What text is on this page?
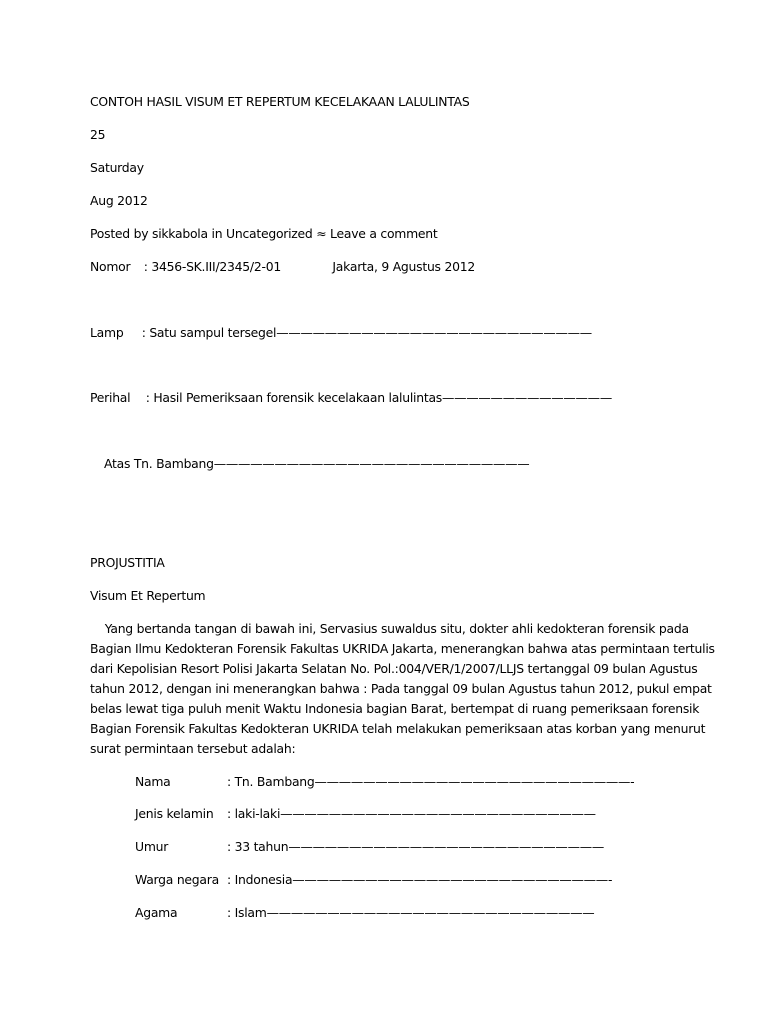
CONTOH HASIL VISUM ET REPERTUM KECELAKAAN LALULINTAS
25
Saturday
Aug 2012
Posted by sikkabola in Uncategorized ≈ Leave a comment
Nomor : 3456-SK.III/2345/2-01	Jakarta, 9 Agustus 2012
Lamp : Satu sampul tersegel——————————————————————————
Perihal : Hasil Pemeriksaan forensik kecelakaan lalulintas——————————————
Atas Tn. Bambang——————————————————————————
PROJUSTITIA
Visum Et Repertum
Yang bertanda tangan di bawah ini, Servasius suwaldus situ, dokter ahli kedokteran forensik pada
Bagian Ilmu Kedokteran Forensik Fakultas UKRIDA Jakarta, menerangkan bahwa atas permintaan tertulis
dari Kepolisian Resort Polisi Jakarta Selatan No. Pol.:004/VER/1/2007/LLJS tertanggal 09 bulan Agustus
tahun 2012, dengan ini menerangkan bahwa : Pada tanggal 09 bulan Agustus tahun 2012, pukul empat
belas lewat tiga puluh menit Waktu Indonesia bagian Barat, bertempat di ruang pemeriksaan forensik
Bagian Forensik Fakultas Kedokteran UKRIDA telah melakukan pemeriksaan atas korban yang menurut
surat permintaan tersebut adalah:
Nama	: Tn. Bambang——————————————————————————-
Jenis kelamin : laki-laki——————————————————————————
Umur	: 33 tahun——————————————————————————
Warga negara : Indonesia——————————————————————————-
Agama	: Islam———————————————————————————
